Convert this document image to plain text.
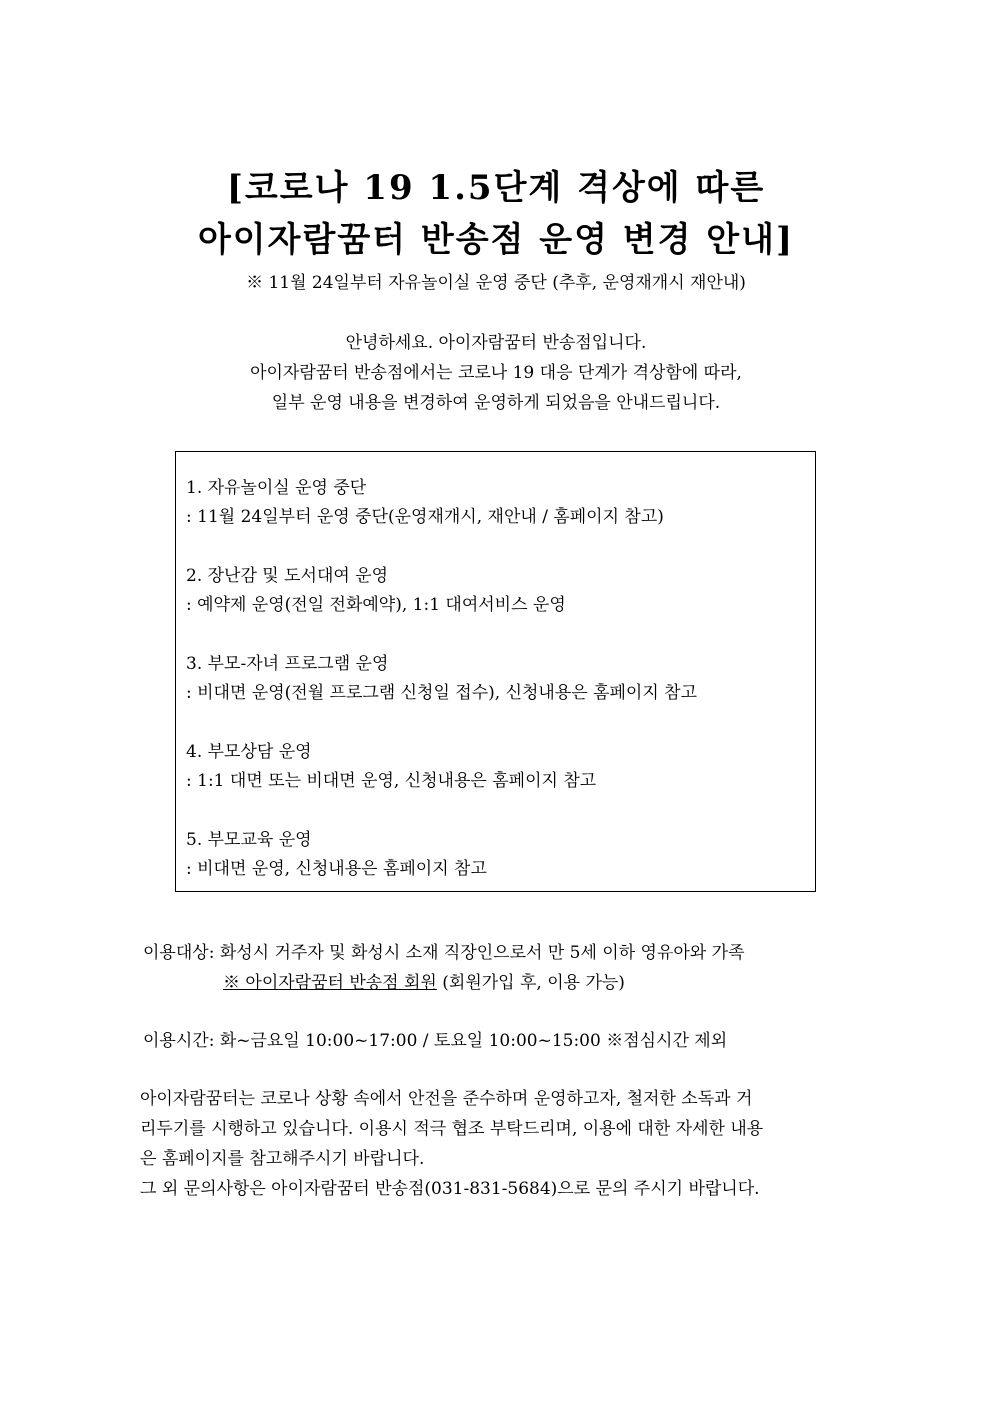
[코로나 19 1.5단계 격상에 따른
아이자람꿈터 반송점 운영 변경 안내]
※ 11월 24일부터 자유놀이실 운영 중단 (추후, 운영재개시 재안내)
안녕하세요. 아이자람꿈터 반송점입니다.
아이자람꿈터 반송점에서는 코로나 19 대응 단계가 격상함에 따라,
일부 운영 내용을 변경하여 운영하게 되었음을 안내드립니다.
1. 자유놀이실 운영 중단
: 11월 24일부터 운영 중단(운영재개시, 재안내 / 홈페이지 참고)
2. 장난감 및 도서대여 운영
: 예약제 운영(전일 전화예약), 1:1 대여서비스 운영
3. 부모-자녀 프로그램 운영
: 비대면 운영(전월 프로그램 신청일 접수), 신청내용은 홈페이지 참고
4. 부모상담 운영
: 1:1 대면 또는 비대면 운영, 신청내용은 홈페이지 참고
5. 부모교육 운영
: 비대면 운영, 신청내용은 홈페이지 참고
이용대상: 화성시 거주자 및 화성시 소재 직장인으로서 만 5세 이하 영유아와 가족
※ 아이자람꿈터 반송점 회원 (회원가입 후, 이용 가능)
이용시간: 화~금요일 10:00~17:00 / 토요일 10:00~15:00 ※점심시간 제외
아이자람꿈터는 코로나 상황 속에서 안전을 준수하며 운영하고자, 철저한 소독과 거
리두기를 시행하고 있습니다. 이용시 적극 협조 부탁드리며, 이용에 대한 자세한 내용
은 홈페이지를 참고해주시기 바랍니다.
그 외 문의사항은 아이자람꿈터 반송점(031-831-5684)으로 문의 주시기 바랍니다.
